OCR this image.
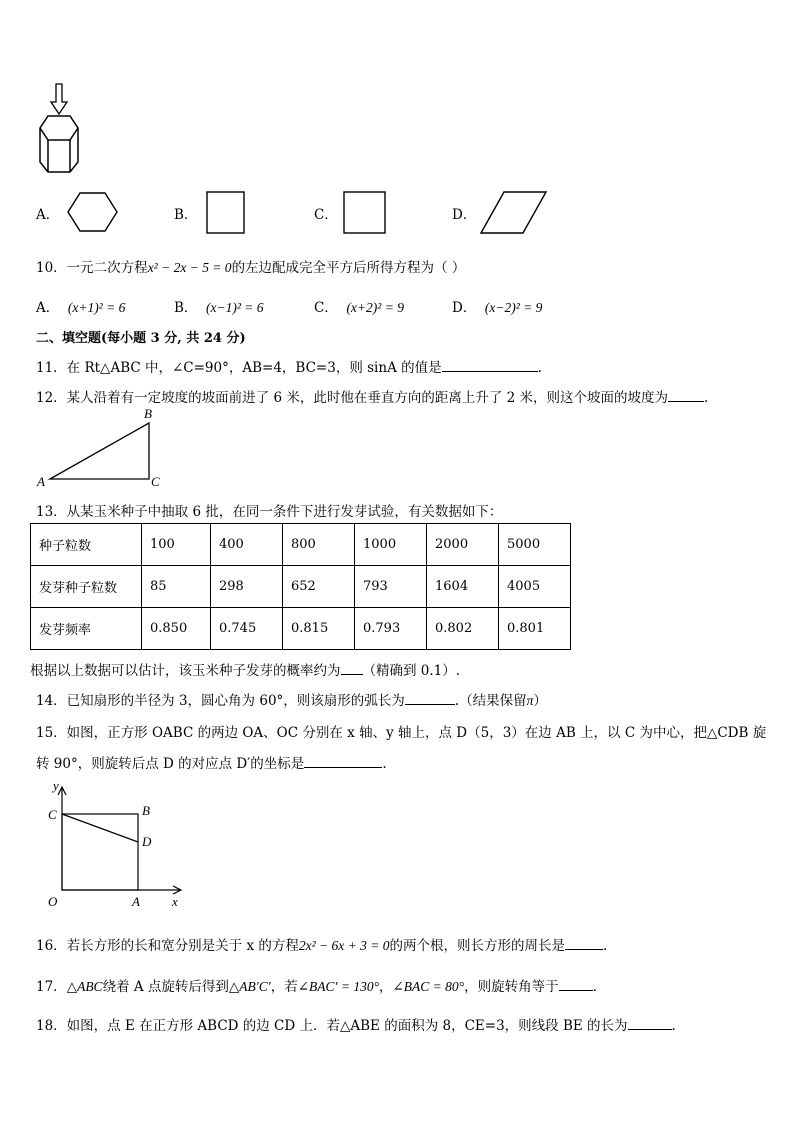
A．	B．	C．	D．
10．一元二次方程x² − 2x − 5 = 0的左边配成完全平方后所得方程为（ ）
A． (x+1)² = 6	B． (x−1)² = 6	C． (x+2)² = 9	D． (x−2)² = 9
二、填空题(每小题 3 分, 共 24 分)
11．在 Rt△ABC 中，∠C=90°，AB=4，BC=3，则 sinA 的值是	.
12．某人沿着有一定坡度的坡面前进了 6 米，此时他在垂直方向的距离上升了 2 米，则这个坡面的坡度为	.
A
B
C
13．从某玉米种子中抽取 6 批，在同一条件下进行发芽试验，有关数据如下：
种子粒数	100	400	800	1000	2000	5000
发芽种子粒数	85	298	652	793	1604	4005
发芽频率	0.850	0.745	0.815	0.793	0.802	0.801
根据以上数据可以估计，该玉米种子发芽的概率约为 （精确到 0.1）.
14．已知扇形的半径为 3，圆心角为 60°，则该扇形的弧长为	.（结果保留π）
15．如图，正方形 OABC 的两边 OA、OC 分别在 x 轴、y 轴上，点 D（5，3）在边 AB 上，以 C 为中心，把△CDB 旋
转 90°，则旋转后点 D 的对应点 D′的坐标是	.
y
x
C	B
D
O	A
16．若长方形的长和宽分别是关于 x 的方程2x² − 6x + 3 = 0的两个根，则长方形的周长是	.
17．△ABC绕着 A 点旋转后得到△AB′C′，若∠BAC′ = 130°，∠BAC = 80°，则旋转角等于	.
18．如图，点 E 在正方形 ABCD 的边 CD 上．若△ABE 的面积为 8，CE=3，则线段 BE 的长为	.
